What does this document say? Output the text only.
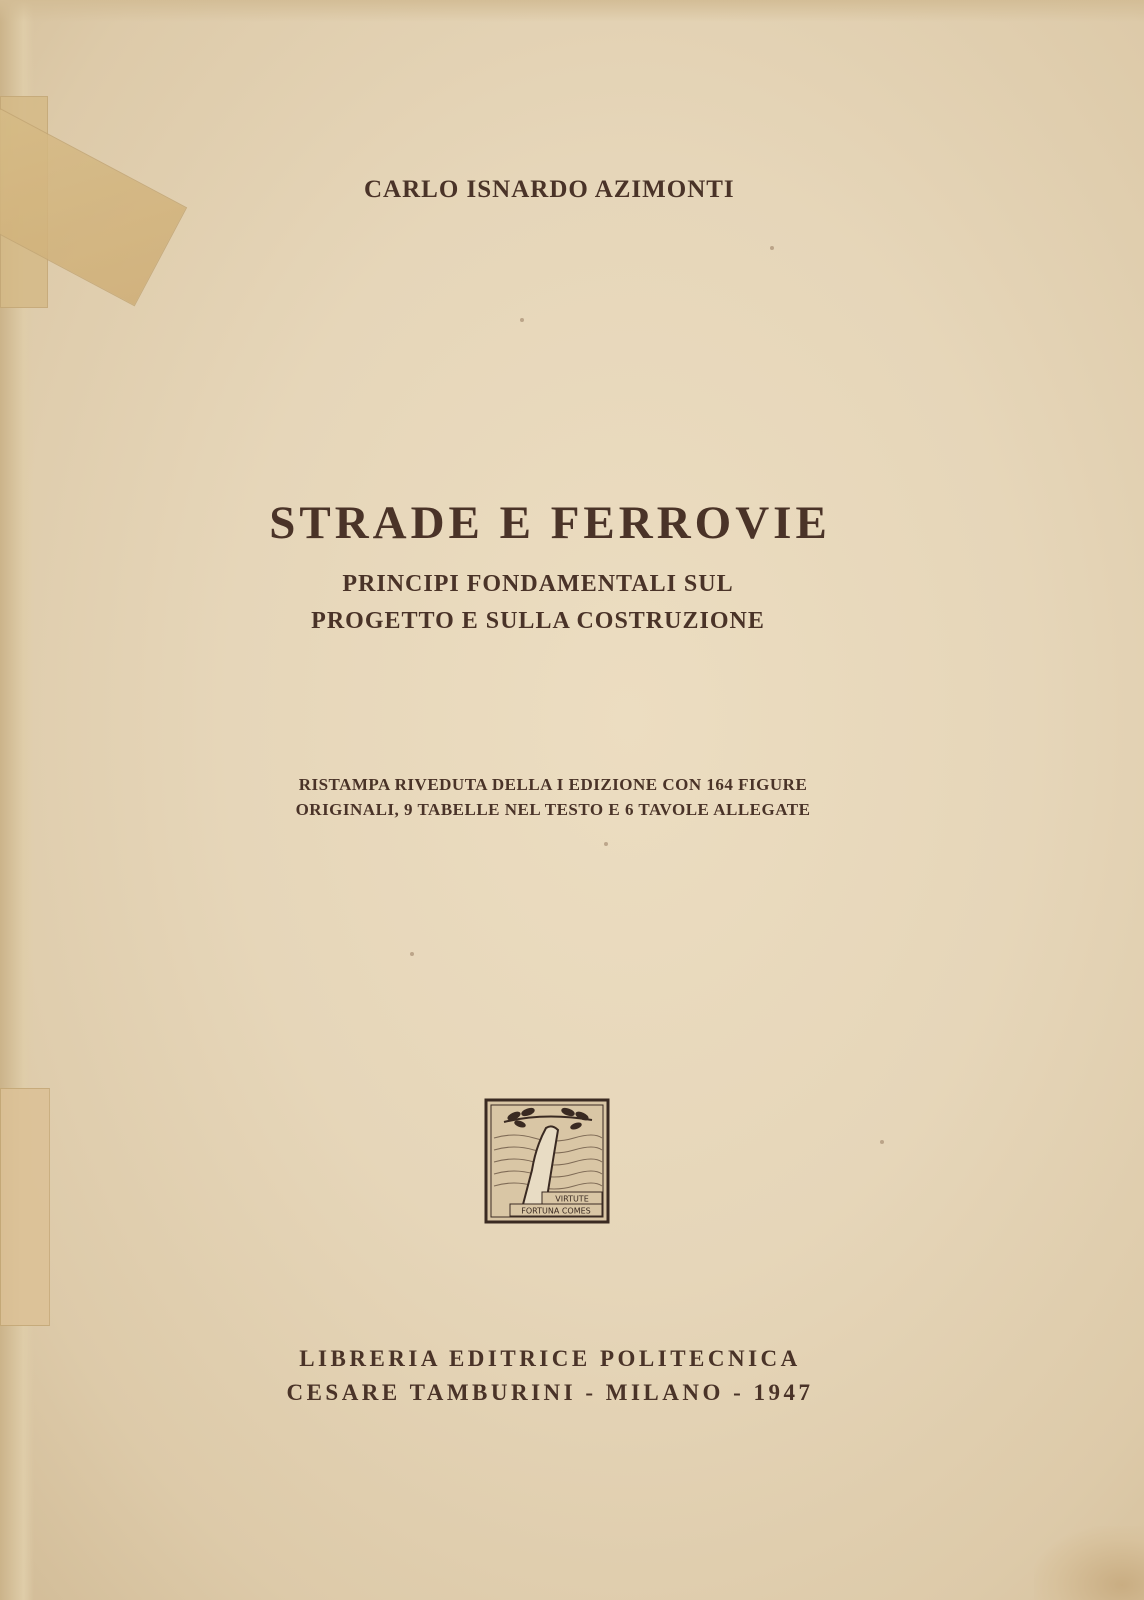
CARLO ISNARDO AZIMONTI
STRADE E FERROVIE
PRINCIPI FONDAMENTALI SUL
PROGETTO E SULLA COSTRUZIONE
RISTAMPA RIVEDUTA DELLA I EDIZIONE CON 164 FIGURE
ORIGINALI, 9 TABELLE NEL TESTO E 6 TAVOLE ALLEGATE
VIRTUTE
FORTUNA COMES
LIBRERIA EDITRICE POLITECNICA
CESARE TAMBURINI - MILANO - 1947
